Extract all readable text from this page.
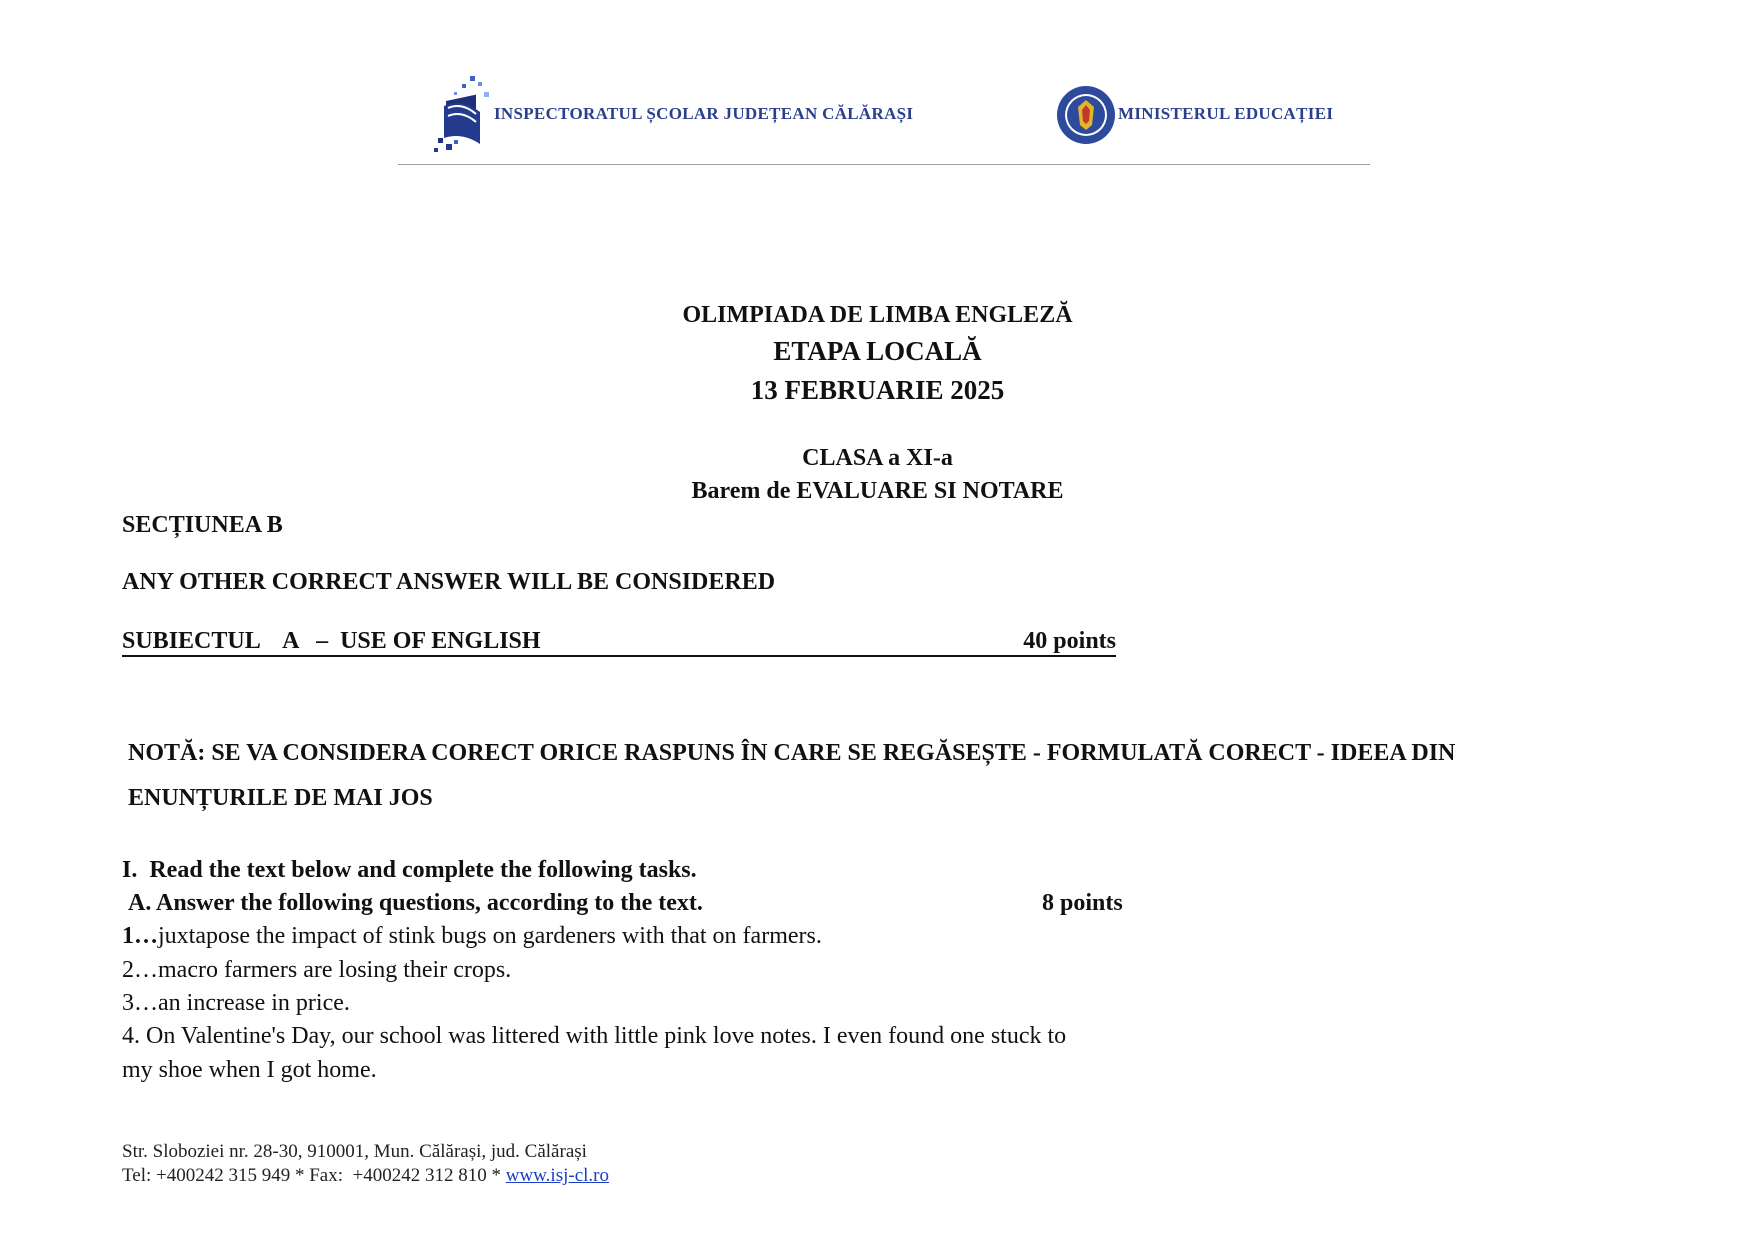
INSPECTORATUL ȘCOLAR JUDEȚEAN CĂLĂRAȘI	MINISTERUL EDUCAȚIEI
OLIMPIADA DE LIMBA ENGLEZĂ
ETAPA LOCALĂ
13 FEBRUARIE 2025
CLASA a XI-a
Barem de EVALUARE SI NOTARE
SECȚIUNEA B
ANY OTHER CORRECT ANSWER WILL BE CONSIDERED
SUBIECTUL    A   –  USE OF ENGLISH	40 points
NOTĂ: SE VA CONSIDERA CORECT ORICE RASPUNS ÎN CARE SE REGĂSEȘTE - FORMULATĂ CORECT - IDEEA DIN
ENUNȚURILE DE MAI JOS
I.  Read the text below and complete the following tasks.
A. Answer the following questions, according to the text.	8 points
1…juxtapose the impact of stink bugs on gardeners with that on farmers.
2…macro farmers are losing their crops.
3…an increase in price.
4. On Valentine's Day, our school was littered with little pink love notes. I even found one stuck to
my shoe when I got home.
Str. Sloboziei nr. 28-30, 910001, Mun. Călărași, jud. Călărași
Tel: +400242 315 949 * Fax:  +400242 312 810 * www.isj-cl.ro
